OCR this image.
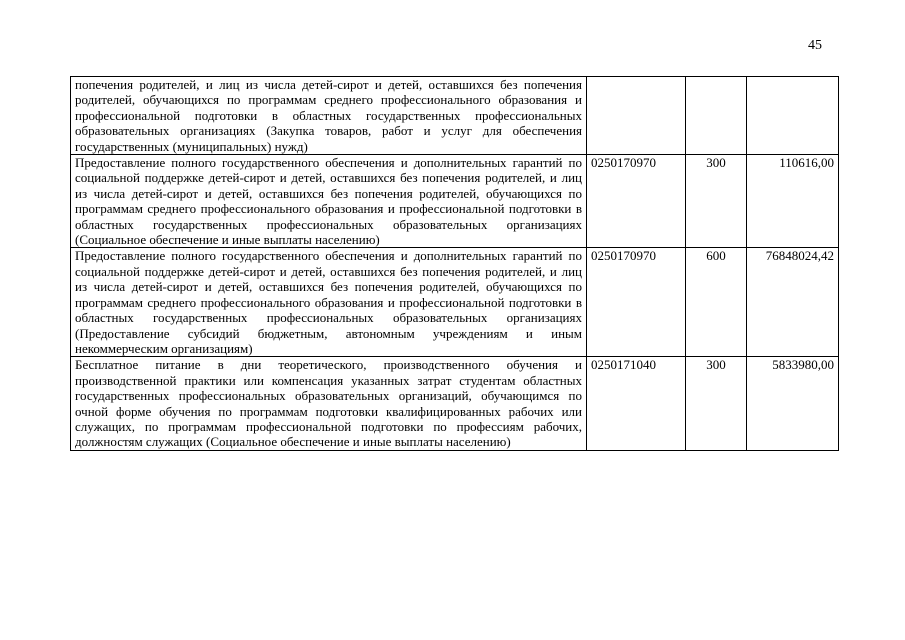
45
попечения родителей, и лиц из числа детей-сирот и детей, оставшихся без попечения родителей, обучающихся по программам среднего профессионального образования и профессиональной подготовки в областных государственных профессиональных образовательных организациях (Закупка товаров, работ и услуг для обеспечения государственных (муниципальных) нужд)			
Предоставление полного государственного обеспечения и дополнительных гарантий по социальной поддержке детей-сирот и детей, оставшихся без попечения родителей, и лиц из числа детей-сирот и детей, оставшихся без попечения родителей, обучающихся по программам среднего профессионального образования и профессиональной подготовки в областных государственных профессиональных образовательных организациях (Социальное обеспечение и иные выплаты населению)	0250170970	300	110616,00
Предоставление полного государственного обеспечения и дополнительных гарантий по социальной поддержке детей-сирот и детей, оставшихся без попечения родителей, и лиц из числа детей-сирот и детей, оставшихся без попечения родителей, обучающихся по программам среднего профессионального образования и профессиональной подготовки в областных государственных профессиональных образовательных организациях (Предоставление субсидий бюджетным, автономным учреждениям и иным некоммерческим организациям)	0250170970	600	76848024,42
Бесплатное питание в дни теоретического, производственного обучения и производственной практики или компенсация указанных затрат студентам областных государственных профессиональных образовательных организаций, обучающимся по очной форме обучения по программам подготовки квалифицированных рабочих или служащих, по программам профессиональной подготовки по профессиям рабочих, должностям служащих (Социальное обеспечение и иные выплаты населению)	0250171040	300	5833980,00
